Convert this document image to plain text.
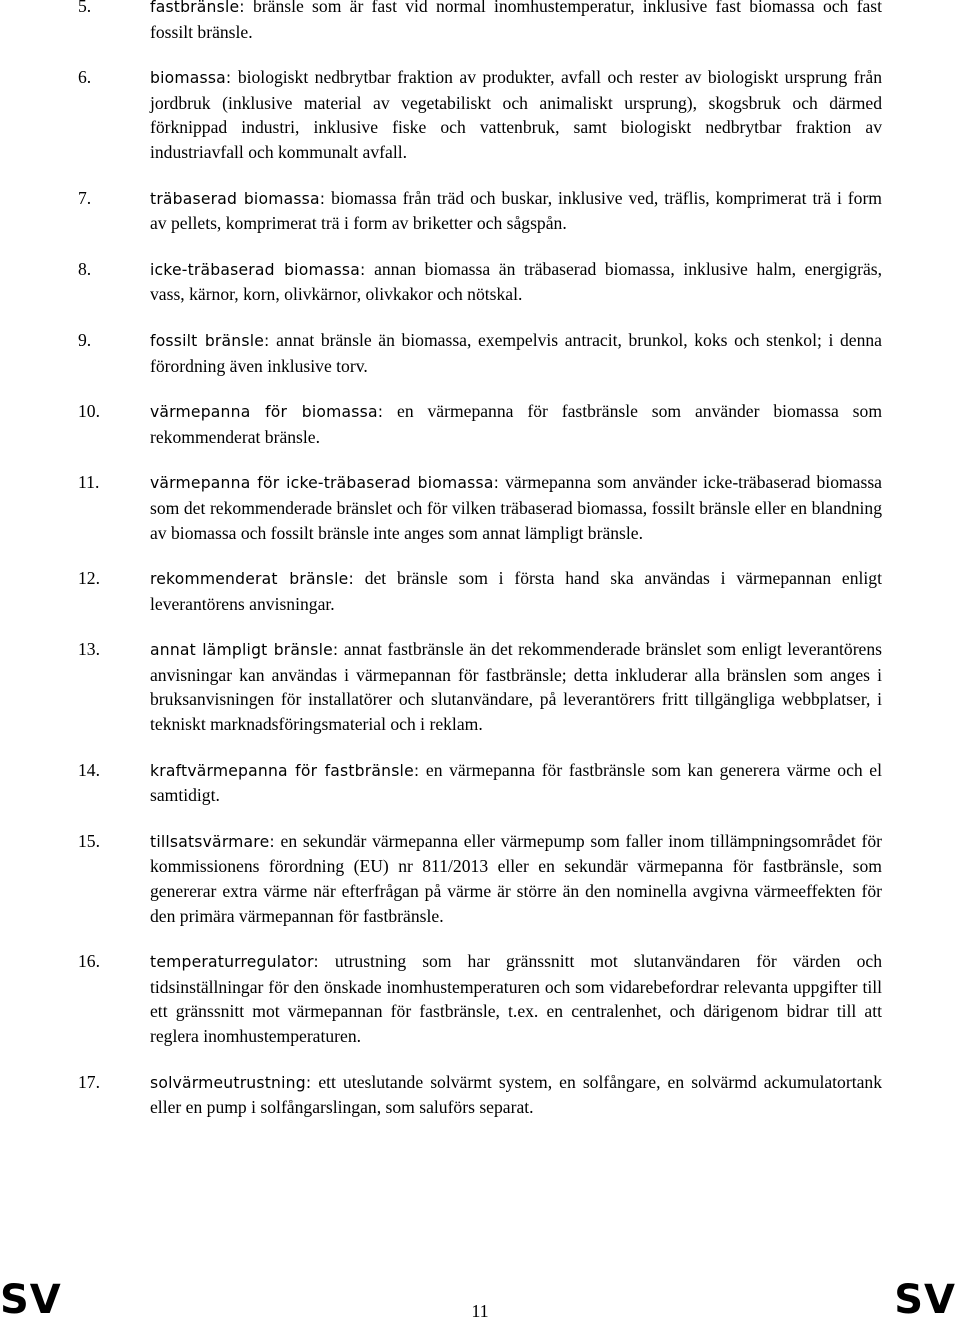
5.	fastbränsle: bränsle som är fast vid normal inomhustemperatur, inklusive fast biomassa och fast fossilt bränsle.
6.	biomassa: biologiskt nedbrytbar fraktion av produkter, avfall och rester av biologiskt ursprung från jordbruk (inklusive material av vegetabiliskt och animaliskt ursprung), skogsbruk och därmed förknippad industri, inklusive fiske och vattenbruk, samt biologiskt nedbrytbar fraktion av industriavfall och kommunalt avfall.
7.	träbaserad biomassa: biomassa från träd och buskar, inklusive ved, träflis, komprimerat trä i form av pellets, komprimerat trä i form av briketter och sågspån.
8.	icke-träbaserad biomassa: annan biomassa än träbaserad biomassa, inklusive halm, energigräs, vass, kärnor, korn, olivkärnor, olivkakor och nötskal.
9.	fossilt bränsle: annat bränsle än biomassa, exempelvis antracit, brunkol, koks och stenkol; i denna förordning även inklusive torv.
10.	värmepanna för biomassa: en värmepanna för fastbränsle som använder biomassa som rekommenderat bränsle.
11.	värmepanna för icke-träbaserad biomassa: värmepanna som använder icke-träbaserad biomassa som det rekommenderade bränslet och för vilken träbaserad biomassa, fossilt bränsle eller en blandning av biomassa och fossilt bränsle inte anges som annat lämpligt bränsle.
12.	rekommenderat bränsle: det bränsle som i första hand ska användas i värmepannan enligt leverantörens anvisningar.
13.	annat lämpligt bränsle: annat fastbränsle än det rekommenderade bränslet som enligt leverantörens anvisningar kan användas i värmepannan för fastbränsle; detta inkluderar alla bränslen som anges i bruksanvisningen för installatörer och slutanvändare, på leverantörers fritt tillgängliga webbplatser, i tekniskt marknadsföringsmaterial och i reklam.
14.	kraftvärmepanna för fastbränsle: en värmepanna för fastbränsle som kan generera värme och el samtidigt.
15.	tillsatsvärmare: en sekundär värmepanna eller värmepump som faller inom tillämpningsområdet för kommissionens förordning (EU) nr 811/2013 eller en sekundär värmepanna för fastbränsle, som genererar extra värme när efterfrågan på värme är större än den nominella avgivna värmeeffekten för den primära värmepannan för fastbränsle.
16.	temperaturregulator: utrustning som har gränssnitt mot slutanvändaren för värden och tidsinställningar för den önskade inomhustemperaturen och som vidarebefordrar relevanta uppgifter till ett gränssnitt mot värmepannan för fastbränsle, t.ex. en centralenhet, och därigenom bidrar till att reglera inomhustemperaturen.
17.	solvärmeutrustning: ett uteslutande solvärmt system, en solfångare, en solvärmd ackumulatortank eller en pump i solfångarslingan, som saluförs separat.
SV	11	SV
